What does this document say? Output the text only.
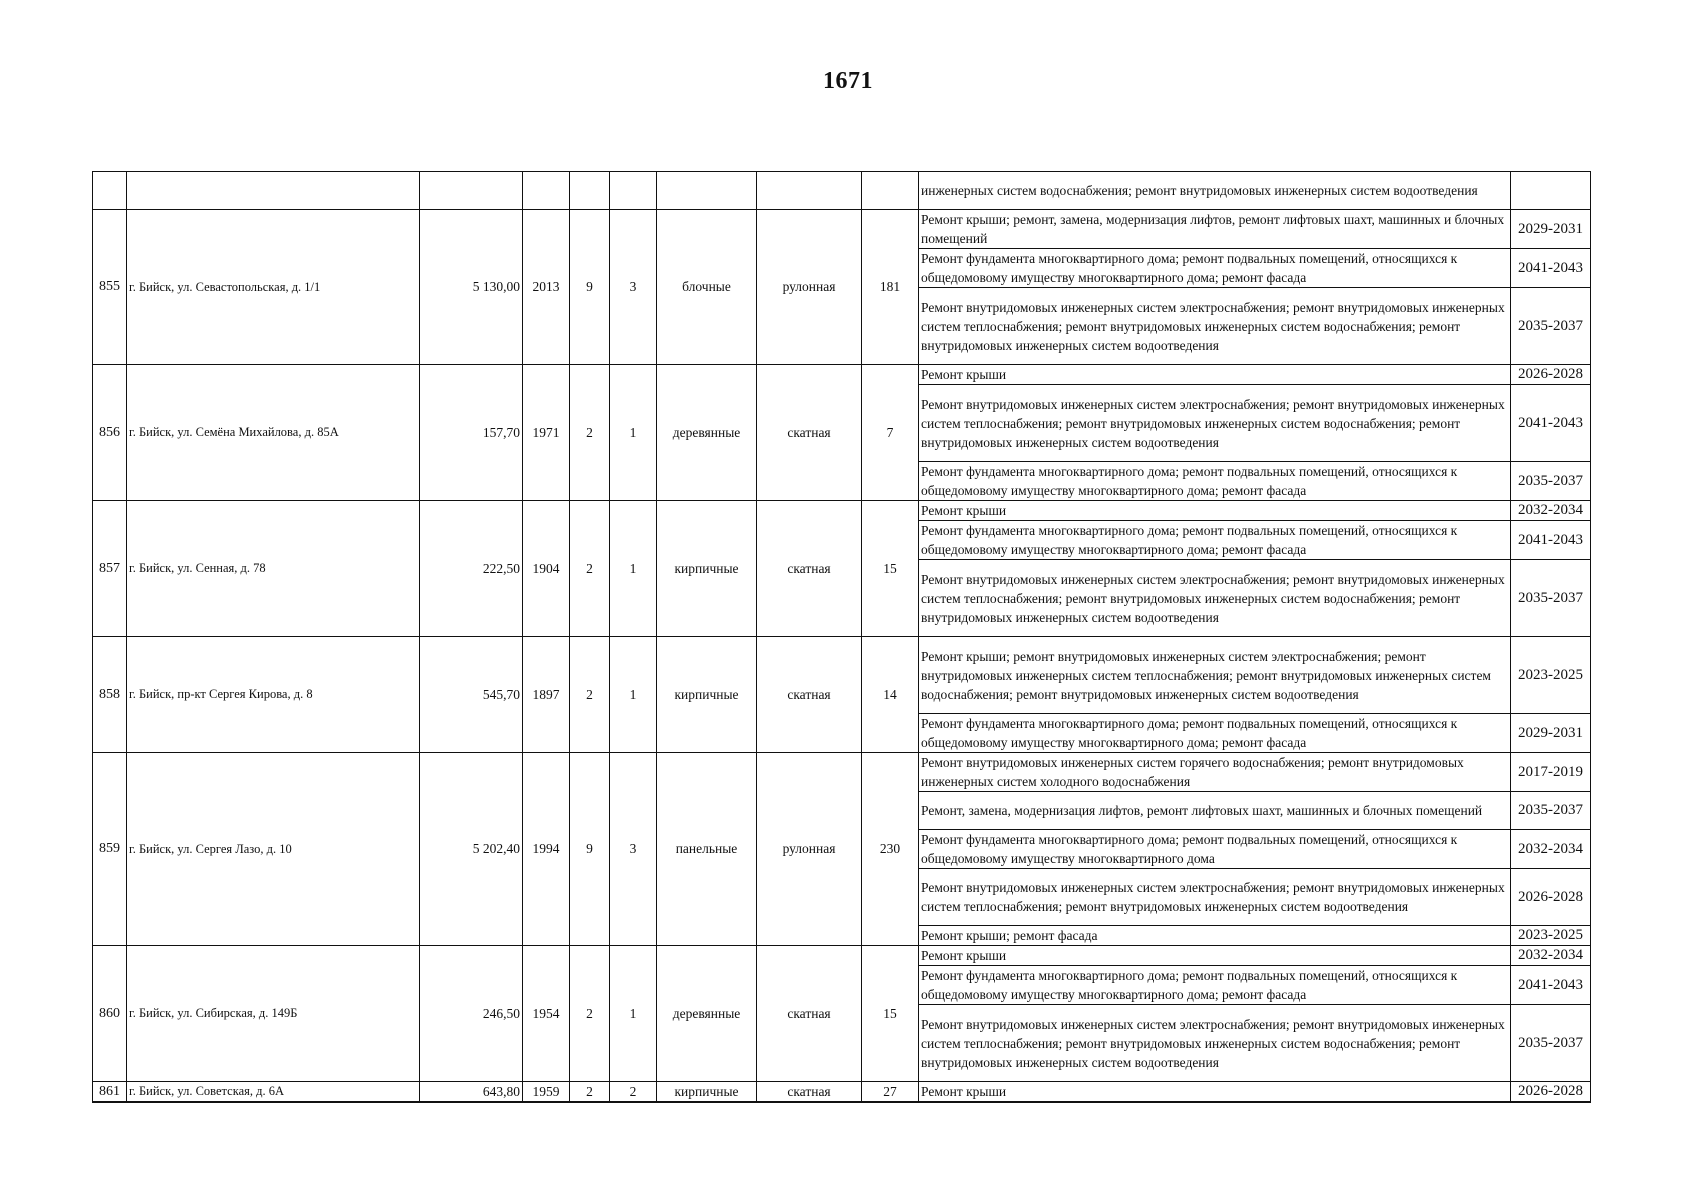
1671
									инженерных систем водоснабжения; ремонт внутридомовых инженерных систем водоотведения	
855	г. Бийск, ул. Севастопольская, д. 1/1	5 130,00	2013	9	3	блочные	рулонная	181	Ремонт крыши; ремонт, замена, модернизация лифтов, ремонт лифтовых шахт, машинных и блочных помещений	2029-2031
									Ремонт фундамента многоквартирного дома; ремонт подвальных помещений, относящихся к общедомовому имуществу многоквартирного дома; ремонт фасада	2041-2043
									Ремонт внутридомовых инженерных систем электроснабжения; ремонт внутридомовых инженерных систем теплоснабжения; ремонт внутридомовых инженерных систем водоснабжения; ремонт внутридомовых инженерных систем водоотведения	2035-2037
856	г. Бийск, ул. Семёна Михайлова, д. 85А	157,70	1971	2	1	деревянные	скатная	7	Ремонт крыши	2026-2028
									Ремонт внутридомовых инженерных систем электроснабжения; ремонт внутридомовых инженерных систем теплоснабжения; ремонт внутридомовых инженерных систем водоснабжения; ремонт внутридомовых инженерных систем водоотведения	2041-2043
									Ремонт фундамента многоквартирного дома; ремонт подвальных помещений, относящихся к общедомовому имуществу многоквартирного дома; ремонт фасада	2035-2037
857	г. Бийск, ул. Сенная, д. 78	222,50	1904	2	1	кирпичные	скатная	15	Ремонт крыши	2032-2034
									Ремонт фундамента многоквартирного дома; ремонт подвальных помещений, относящихся к общедомовому имуществу многоквартирного дома; ремонт фасада	2041-2043
									Ремонт внутридомовых инженерных систем электроснабжения; ремонт внутридомовых инженерных систем теплоснабжения; ремонт внутридомовых инженерных систем водоснабжения; ремонт внутридомовых инженерных систем водоотведения	2035-2037
858	г. Бийск, пр-кт Сергея Кирова, д. 8	545,70	1897	2	1	кирпичные	скатная	14	Ремонт крыши; ремонт внутридомовых инженерных систем электроснабжения; ремонт внутридомовых инженерных систем теплоснабжения; ремонт внутридомовых инженерных систем водоснабжения; ремонт внутридомовых инженерных систем водоотведения	2023-2025
									Ремонт фундамента многоквартирного дома; ремонт подвальных помещений, относящихся к общедомовому имуществу многоквартирного дома; ремонт фасада	2029-2031
859	г. Бийск, ул. Сергея Лазо, д. 10	5 202,40	1994	9	3	панельные	рулонная	230	Ремонт внутридомовых инженерных систем горячего водоснабжения; ремонт внутридомовых инженерных систем холодного водоснабжения	2017-2019
									Ремонт, замена, модернизация лифтов, ремонт лифтовых шахт, машинных и блочных помещений	2035-2037
									Ремонт фундамента многоквартирного дома; ремонт подвальных помещений, относящихся к общедомовому имуществу многоквартирного дома	2032-2034
									Ремонт внутридомовых инженерных систем электроснабжения; ремонт внутридомовых инженерных систем теплоснабжения; ремонт внутридомовых инженерных систем водоотведения	2026-2028
									Ремонт крыши; ремонт фасада	2023-2025
860	г. Бийск, ул. Сибирская, д. 149Б	246,50	1954	2	1	деревянные	скатная	15	Ремонт крыши	2032-2034
									Ремонт фундамента многоквартирного дома; ремонт подвальных помещений, относящихся к общедомовому имуществу многоквартирного дома; ремонт фасада	2041-2043
									Ремонт внутридомовых инженерных систем электроснабжения; ремонт внутридомовых инженерных систем теплоснабжения; ремонт внутридомовых инженерных систем водоснабжения; ремонт внутридомовых инженерных систем водоотведения	2035-2037
861	г. Бийск, ул. Советская, д. 6А	643,80	1959	2	2	кирпичные	скатная	27	Ремонт крыши	2026-2028
